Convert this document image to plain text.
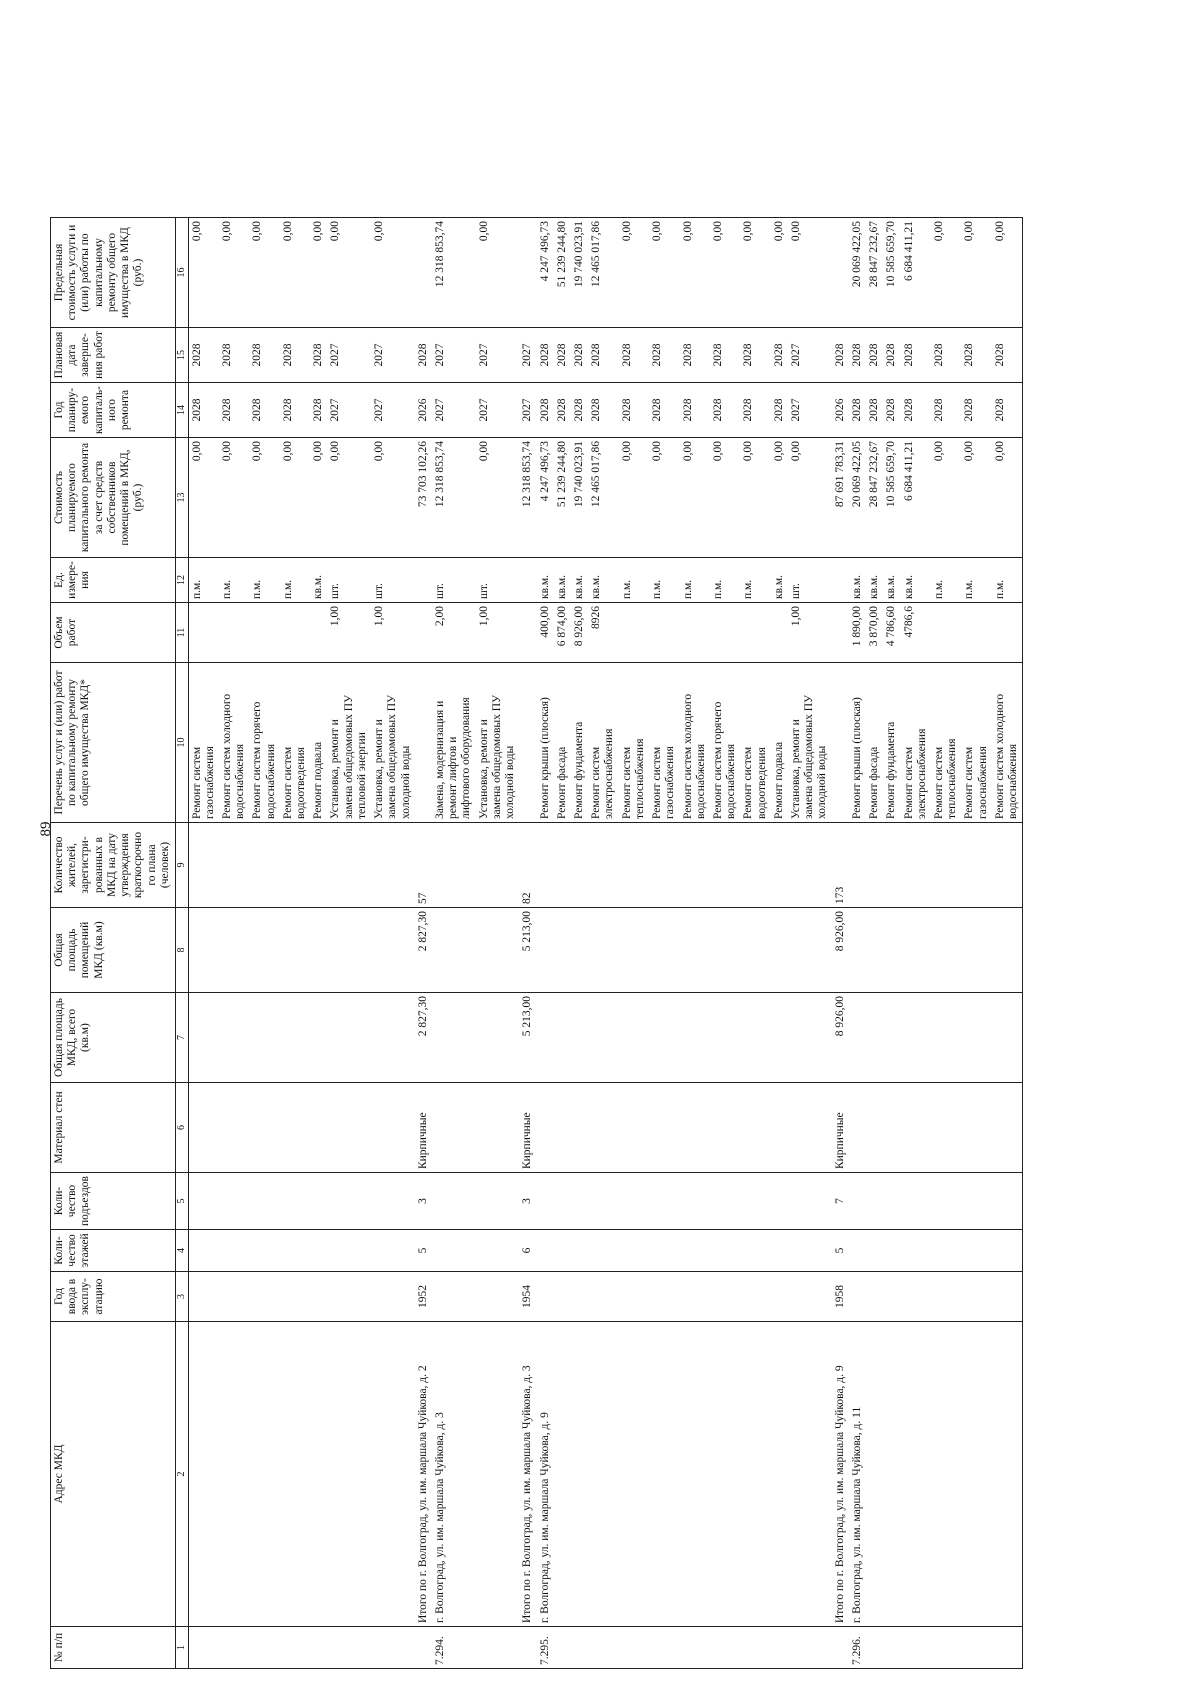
89
№ п/п	Адрес МКД	Год ввода в эксплу-атацию	Коли-чество этажей	Коли-чество подъездов	Материал стен	Общая площадь МКД, всего (кв.м)	Общая площадь помещений МКД (кв.м)	Количество жителей, зарегистри-рованных в МКД на дату утверждения краткосрочно го плана (человек)	Перечень услуг и (или) работ по капитальному ремонту общего имущества МКД*	Объем работ	Ед. измере-ния	Стоимость планируемого капитального ремонта за счет средств собственников помещений в МКД, (руб.)	Год планиру-емого капиталь-ного ремонта	Плановая дата заверше-ния работ	Предельная стоимость услуги и (или) работы по капитальному ремонту общего имущества в МКД (руб.)
1	2	3	4	5	6	7	8	9	10	11	12	13	14	15	16
									Ремонт систем
газоснабжения		п.м.	0,00	2028	2028	0,00
									Ремонт систем холодного
водоснабжения		п.м.	0,00	2028	2028	0,00
									Ремонт систем горячего
водоснабжения		п.м.	0,00	2028	2028	0,00
									Ремонт систем
водоотведения		п.м.	0,00	2028	2028	0,00
									Ремонт подвала		кв.м.	0,00	2028	2028	0,00
									Установка, ремонт и
замена общедомовых ПУ
тепловой энергии	1,00	шт.	0,00	2027	2027	0,00
									Установка, ремонт и
замена общедомовых ПУ
холодной воды	1,00	шт.	0,00	2027	2027	0,00
	Итого по г. Волгоград, ул. им. маршала Чуйкова, д. 2	1952	5	3	Кирпичные	2 827,30	2 827,30	57				73 703 102,26	2026	2028	
7.294.	г. Волгоград, ул. им. маршала Чуйкова, д. 3								Замена, модернизация и
ремонт лифтов и
лифтового оборудования	2,00	шт.	12 318 853,74	2027	2027	12 318 853,74
									Установка, ремонт и
замена общедомовых ПУ
холодной воды	1,00	шт.	0,00	2027	2027	0,00
	Итого по г. Волгоград, ул. им. маршала Чуйкова, д. 3	1954	6	3	Кирпичные	5 213,00	5 213,00	82				12 318 853,74	2027	2027	
7.295.	г. Волгоград, ул. им. маршала Чуйкова, д. 9								Ремонт крыши (плоская)	400,00	кв.м.	4 247 496,73	2028	2028	4 247 496,73
									Ремонт фасада	6 874,00	кв.м.	51 239 244,80	2028	2028	51 239 244,80
									Ремонт фундамента	8 926,00	кв.м.	19 740 023,91	2028	2028	19 740 023,91
									Ремонт систем
электроснабжения	8926	кв.м.	12 465 017,86	2028	2028	12 465 017,86
									Ремонт систем
теплоснабжения		п.м.	0,00	2028	2028	0,00
									Ремонт систем
газоснабжения		п.м.	0,00	2028	2028	0,00
									Ремонт систем холодного
водоснабжения		п.м.	0,00	2028	2028	0,00
									Ремонт систем горячего
водоснабжения		п.м.	0,00	2028	2028	0,00
									Ремонт систем
водоотведения		п.м.	0,00	2028	2028	0,00
									Ремонт подвала		кв.м.	0,00	2028	2028	0,00
									Установка, ремонт и
замена общедомовых ПУ
холодной воды	1,00	шт.	0,00	2027	2027	0,00
	Итого по г. Волгоград, ул. им. маршала Чуйкова, д. 9	1958	5	7	Кирпичные	8 926,00	8 926,00	173				87 691 783,31	2026	2028	
7.296.	г. Волгоград, ул. им. маршала Чуйкова, д. 11								Ремонт крыши (плоская)	1 890,00	кв.м.	20 069 422,05	2028	2028	20 069 422,05
									Ремонт фасада	3 870,00	кв.м.	28 847 232,67	2028	2028	28 847 232,67
									Ремонт фундамента	4 786,60	кв.м.	10 585 659,70	2028	2028	10 585 659,70
									Ремонт систем
электроснабжения	4786,6	кв.м.	6 684 411,21	2028	2028	6 684 411,21
									Ремонт систем
теплоснабжения		п.м.	0,00	2028	2028	0,00
									Ремонт систем
газоснабжения		п.м.	0,00	2028	2028	0,00
									Ремонт систем холодного
водоснабжения		п.м.	0,00	2028	2028	0,00
